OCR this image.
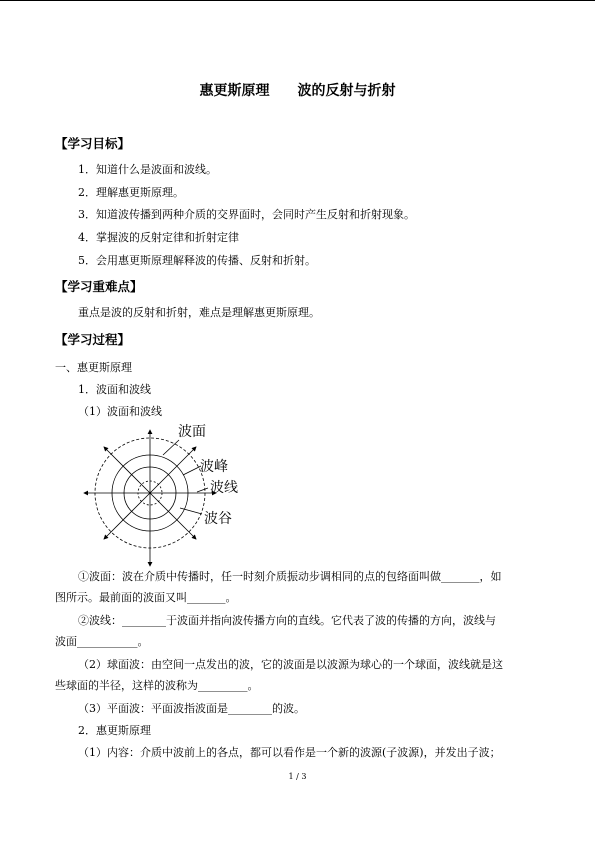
惠更斯原理 波的反射与折射
【学习目标】
1．知道什么是波面和波线。
2．理解惠更斯原理。
3．知道波传播到两种介质的交界面时，会同时产生反射和折射现象。
4．掌握波的反射定律和折射定律
5．会用惠更斯原理解释波的传播、反射和折射。
【学习重难点】
重点是波的反射和折射，难点是理解惠更斯原理。
【学习过程】
一、惠更斯原理
1．波面和波线
（1）波面和波线
波面
波峰
波线
波谷
①波面：波在介质中传播时，任一时刻介质振动步调相同的点的包络面叫做_______，如
图所示。最前面的波面又叫_______。
②波线：________于波面并指向波传播方向的直线。它代表了波的传播的方向，波线与
波面___________。
（2）球面波：由空间一点发出的波，它的波面是以波源为球心的一个球面，波线就是这
些球面的半径，这样的波称为_________。
（3）平面波：平面波指波面是________的波。
2．惠更斯原理
（1）内容：介质中波前上的各点，都可以看作是一个新的波源(子波源)，并发出子波；
1 / 3
